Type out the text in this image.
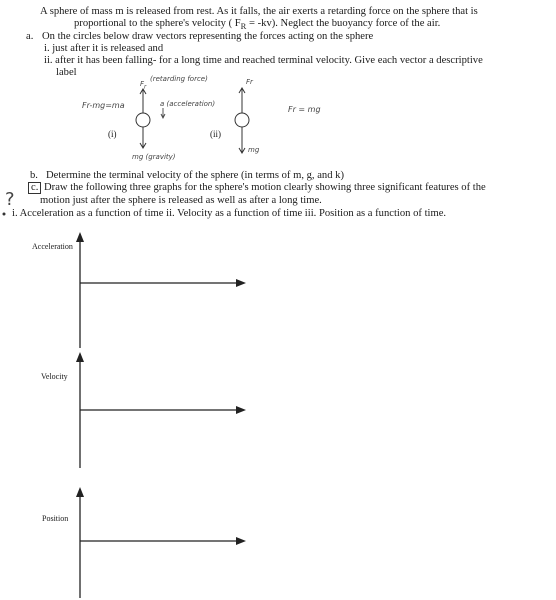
A sphere of mass m is released from rest. As it falls, the air exerts a retarding force on the sphere that is
proportional to the sphere's velocity ( $F_R = -kv$). Neglect the buoyancy force of the air.
a. On the circles below draw vectors representing the forces acting on the sphere
i. just after it is released and
ii. after it has been falling- for a long time and reached terminal velocity. Give each vector a descriptive
label
(retarding force)
$F_r$
a (acceleration)
Fr-mg=ma
mg (gravity)
Fr
Fr = mg
mg
(i)	(ii)
b. Determine the terminal velocity of the sphere (in terms of m, g, and k)
?
c. Draw the following three graphs for the sphere's motion clearly showing three significant features of the
motion just after the sphere is released as well as after a long time.
i. Acceleration as a function of time ii. Velocity as a function of time iii. Position as a function of time.
Acceleration
Velocity
Position
